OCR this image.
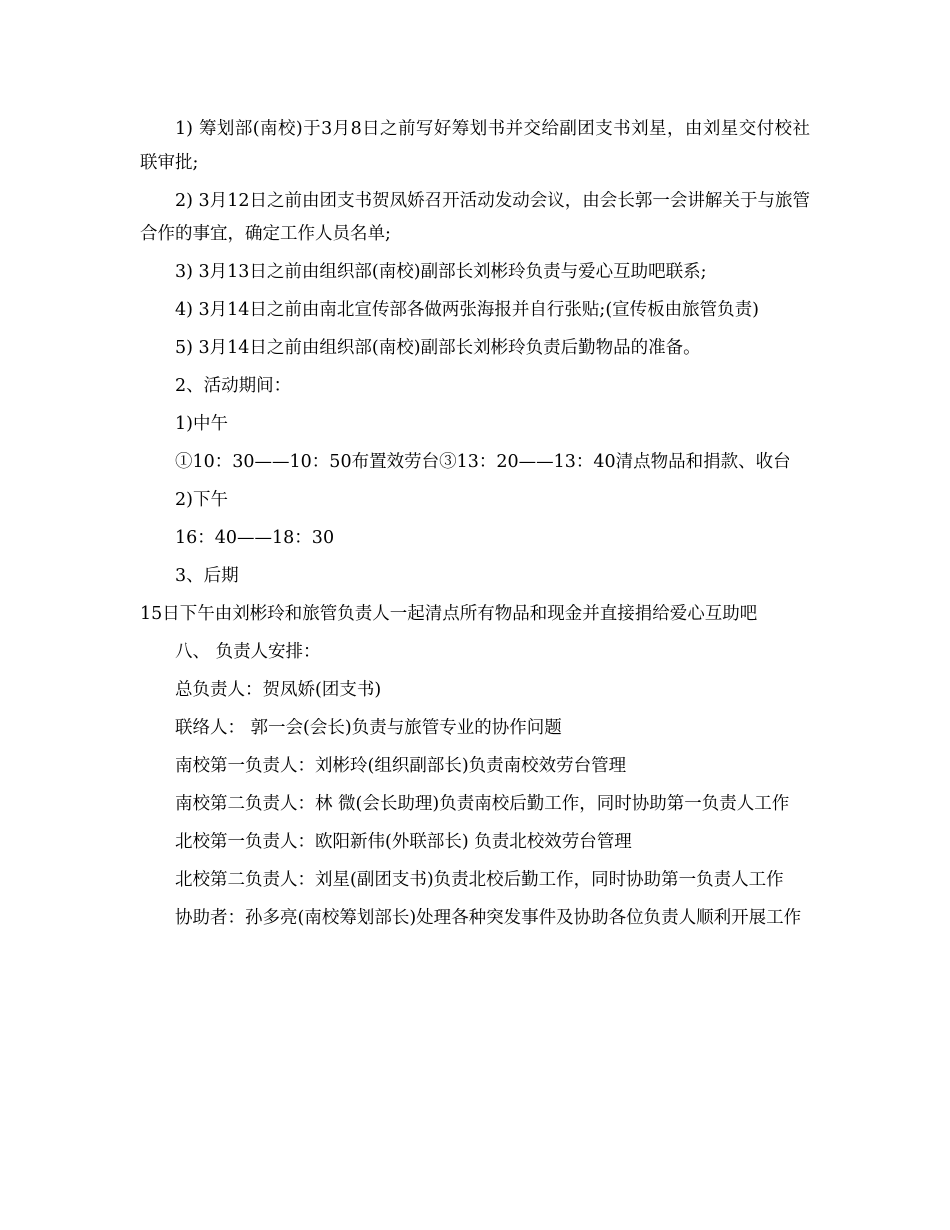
1) 筹划部(南校)于3月8日之前写好筹划书并交给副团支书刘星，由刘星交付校社联审批;

2) 3月12日之前由团支书贺凤娇召开活动发动会议，由会长郭一会讲解关于与旅管合作的事宜，确定工作人员名单;

3) 3月13日之前由组织部(南校)副部长刘彬玲负责与爱心互助吧联系;

4) 3月14日之前由南北宣传部各做两张海报并自行张贴;(宣传板由旅管负责)

5) 3月14日之前由组织部(南校)副部长刘彬玲负责后勤物品的准备。

2、活动期间：

1)中午

①10：30——10：50布置效劳台③13：20——13：40清点物品和捐款、收台

2)下午

16：40——18：30

3、后期

15日下午由刘彬玲和旅管负责人一起清点所有物品和现金并直接捐给爱心互助吧

八、 负责人安排：

总负责人：贺凤娇(团支书)

联络人： 郭一会(会长)负责与旅管专业的协作问题

南校第一负责人：刘彬玲(组织副部长)负责南校效劳台管理

南校第二负责人：林 微(会长助理)负责南校后勤工作，同时协助第一负责人工作

北校第一负责人：欧阳新伟(外联部长) 负责北校效劳台管理

北校第二负责人：刘星(副团支书)负责北校后勤工作，同时协助第一负责人工作

协助者：孙多亮(南校筹划部长)处理各种突发事件及协助各位负责人顺利开展工作
